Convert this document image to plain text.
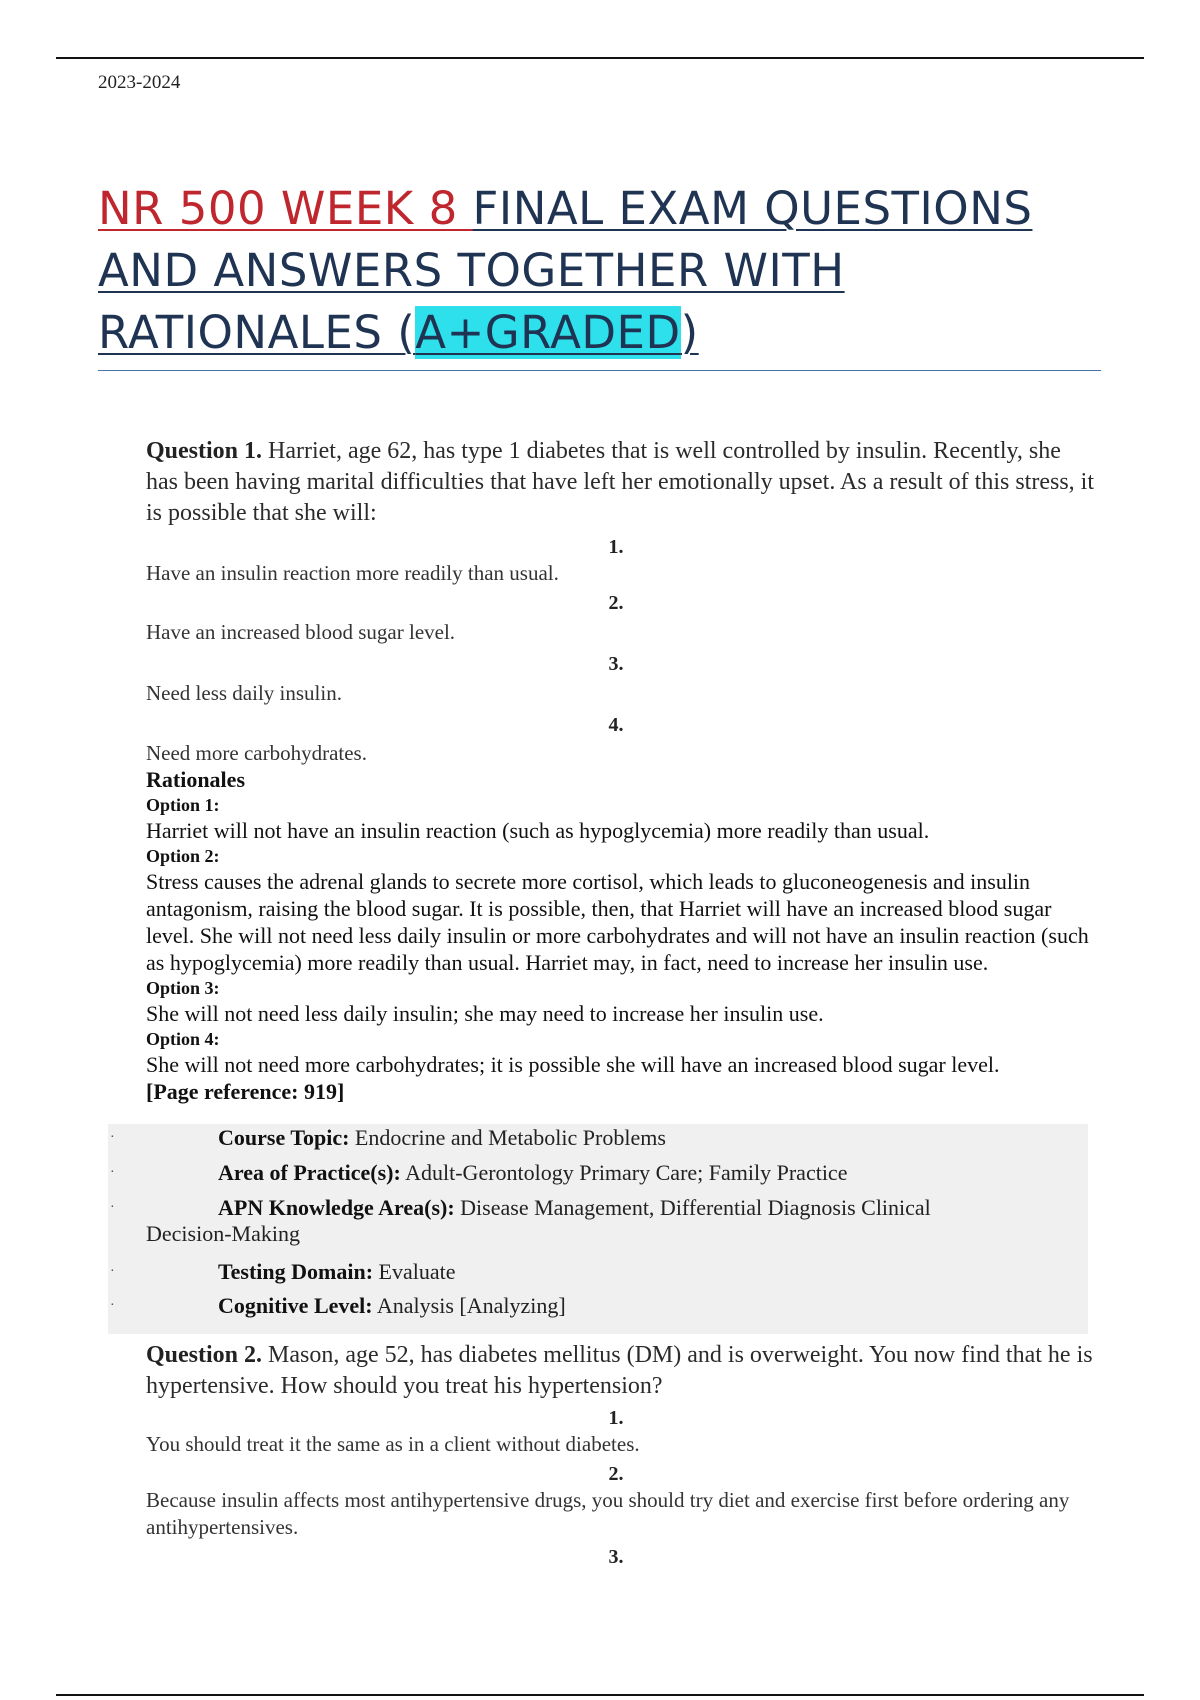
2023-2024
NR 500 WEEK 8 FINAL EXAM QUESTIONS AND ANSWERS TOGETHER WITH RATIONALES (A+GRADED)

Question 1. Harriet, age 62, has type 1 diabetes that is well controlled by insulin. Recently, she has been having marital difficulties that have left her emotionally upset. As a result of this stress, it is possible that she will:

1.
Have an insulin reaction more readily than usual.
2.
Have an increased blood sugar level.
3.
Need less daily insulin.
4.
Need more carbohydrates.
Rationales
Option 1:
Harriet will not have an insulin reaction (such as hypoglycemia) more readily than usual.
Option 2:
Stress causes the adrenal glands to secrete more cortisol, which leads to gluconeogenesis and insulin antagonism, raising the blood sugar. It is possible, then, that Harriet will have an increased blood sugar level. She will not need less daily insulin or more carbohydrates and will not have an insulin reaction (such as hypoglycemia) more readily than usual. Harriet may, in fact, need to increase her insulin use.
Option 3:
She will not need less daily insulin; she may need to increase her insulin use.
Option 4:
She will not need more carbohydrates; it is possible she will have an increased blood sugar level.
[Page reference: 919]
·	Course Topic: Endocrine and Metabolic Problems
·	Area of Practice(s): Adult-Gerontology Primary Care; Family Practice
·	APN Knowledge Area(s): Disease Management, Differential Diagnosis Clinical
Decision-Making
·	Testing Domain: Evaluate
·	Cognitive Level: Analysis [Analyzing]

Question 2. Mason, age 52, has diabetes mellitus (DM) and is overweight. You now find that he is hypertensive. How should you treat his hypertension?

1.
You should treat it the same as in a client without diabetes.
2.
Because insulin affects most antihypertensive drugs, you should try diet and exercise first before ordering any antihypertensives.
3.
